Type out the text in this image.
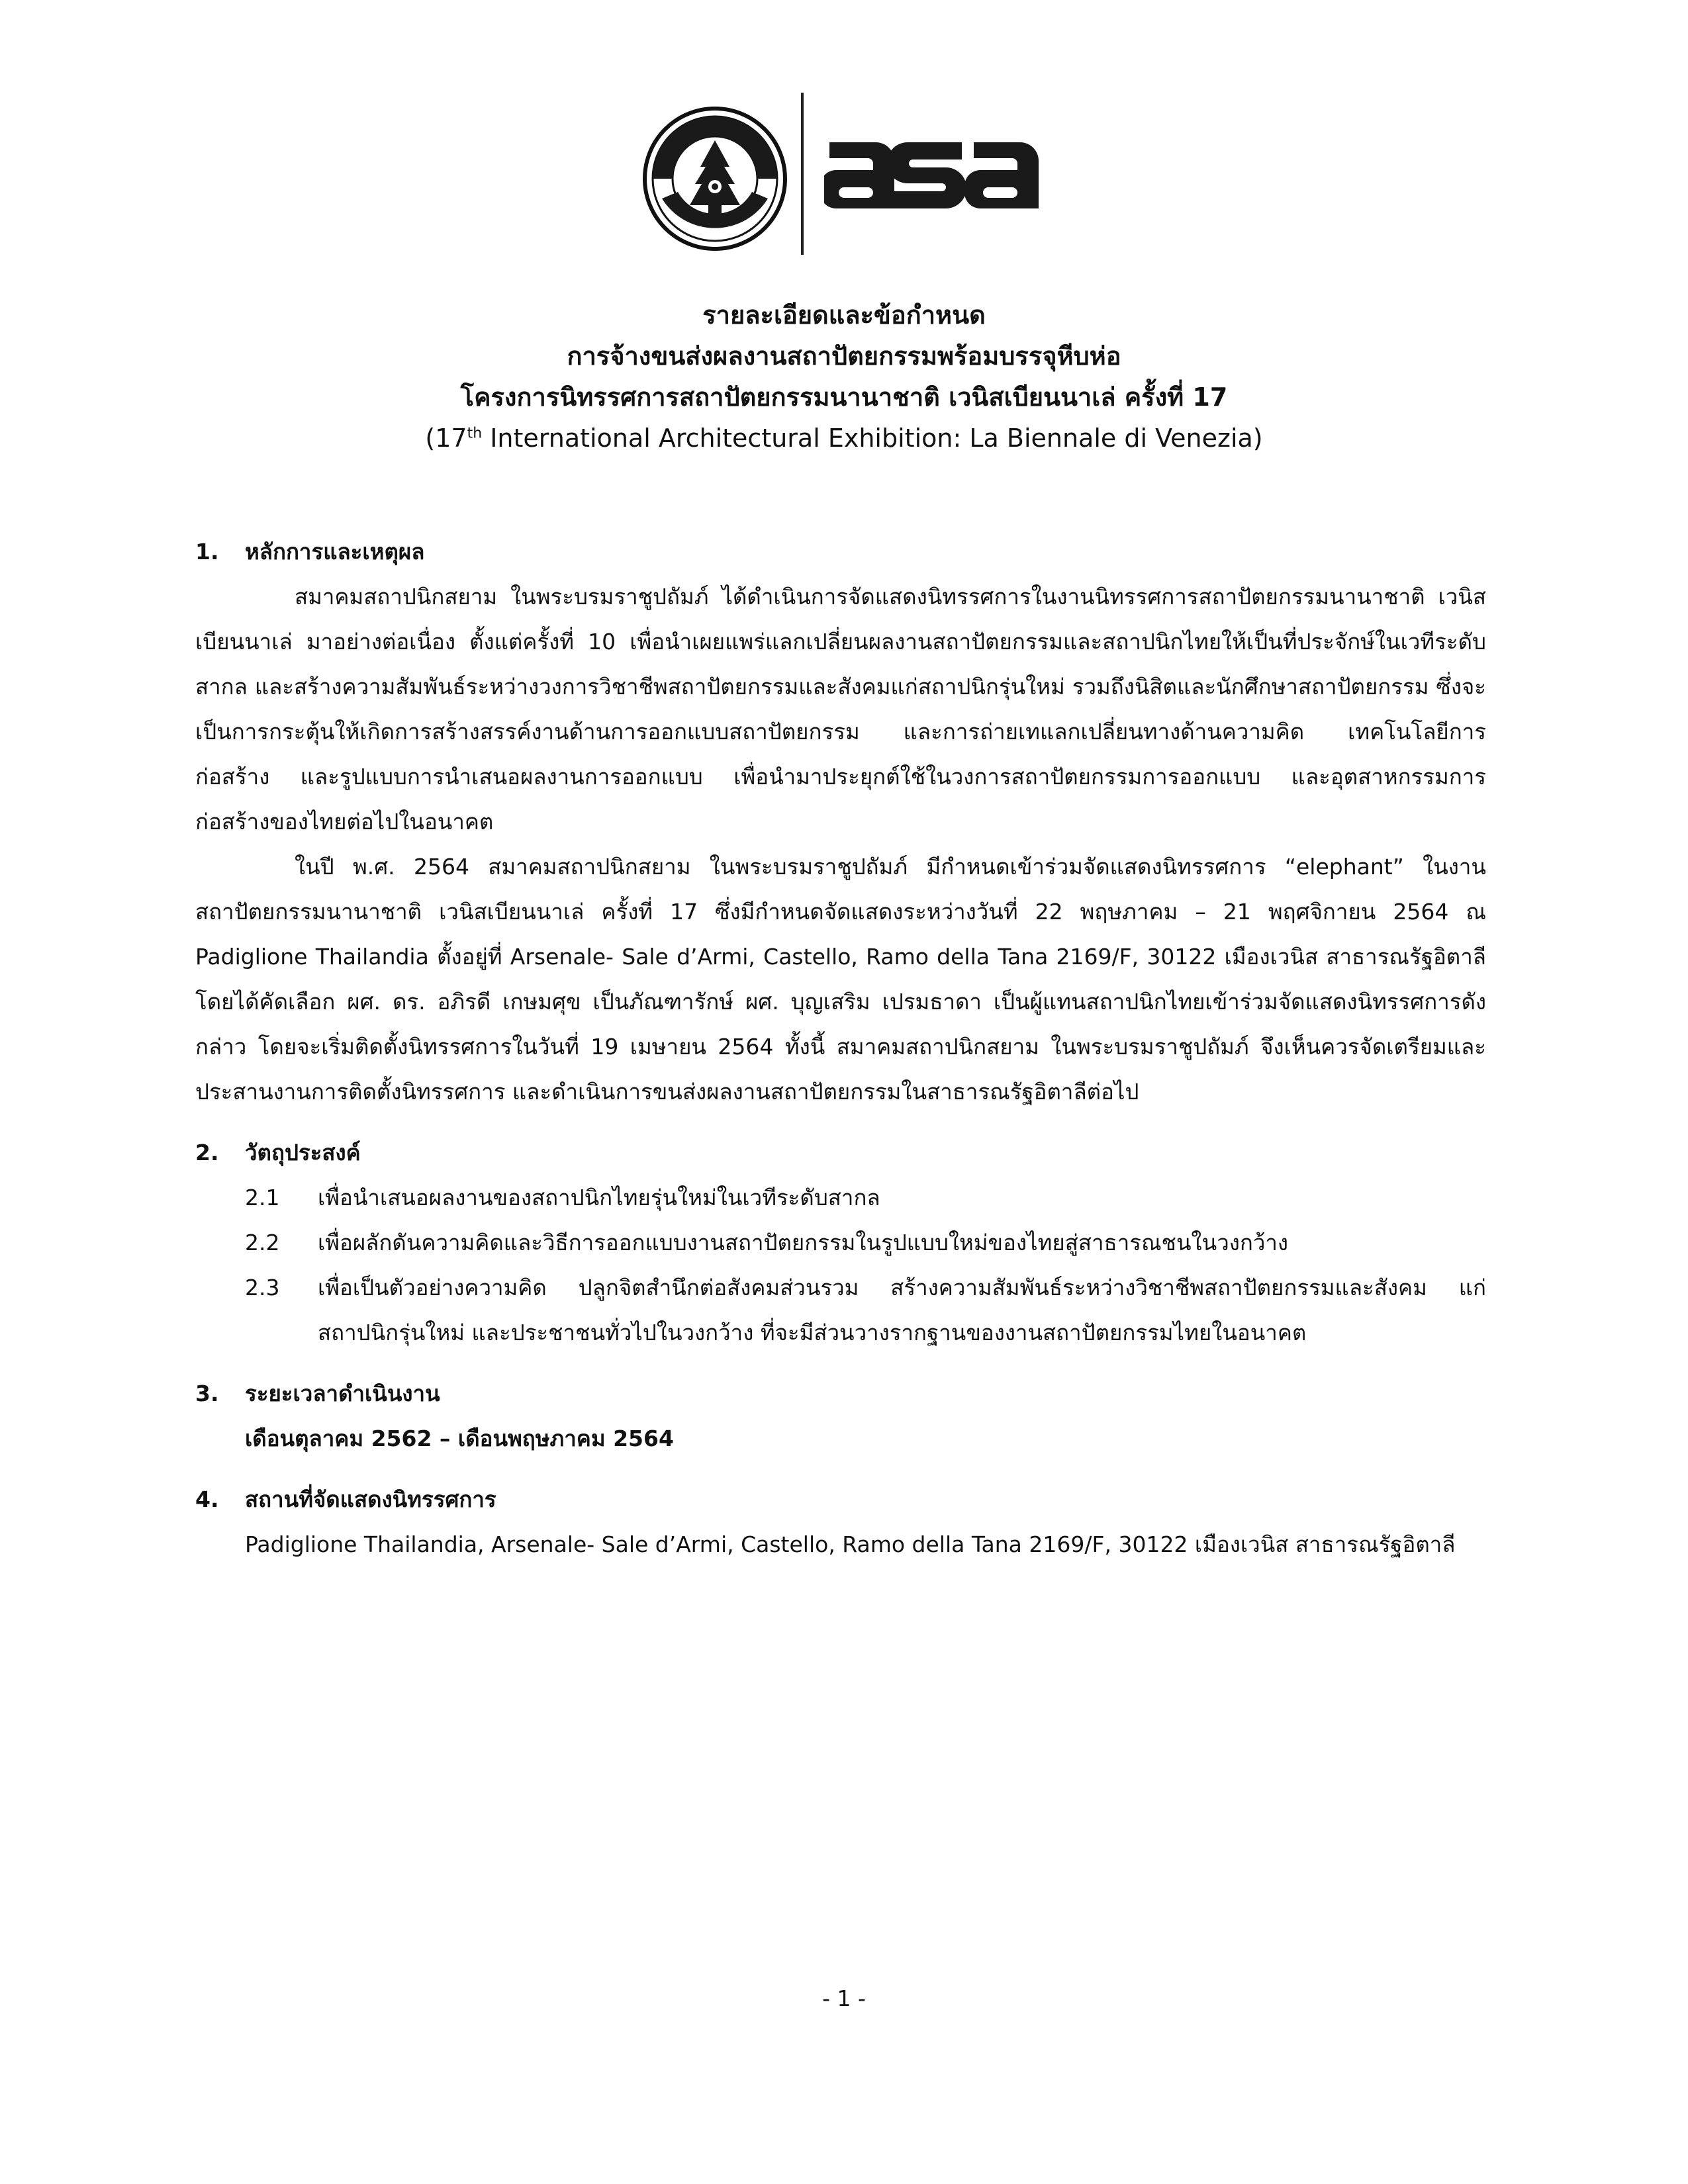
รายละเอียดและข้อกำหนด
การจ้างขนส่งผลงานสถาปัตยกรรมพร้อมบรรจุหีบห่อ
โครงการนิทรรศการสถาปัตยกรรมนานาชาติ เวนิสเบียนนาเล่ ครั้งที่ 17
(17th International Architectural Exhibition: La Biennale di Venezia)
1.	หลักการและเหตุผล

สมาคมสถาปนิกสยาม ในพระบรมราชูปถัมภ์ ได้ดำเนินการจัดแสดงนิทรรศการในงานนิทรรศการสถาปัตยกรรมนานาชาติ เวนิสเบียนนาเล่ มาอย่างต่อเนื่อง ตั้งแต่ครั้งที่ 10 เพื่อนำเผยแพร่แลกเปลี่ยนผลงานสถาปัตยกรรมและสถาปนิกไทยให้เป็นที่ประจักษ์ในเวทีระดับสากล และสร้างความสัมพันธ์ระหว่างวงการวิชาชีพสถาปัตยกรรมและสังคมแก่สถาปนิกรุ่นใหม่ รวมถึงนิสิตและนักศึกษาสถาปัตยกรรม ซึ่งจะเป็นการกระตุ้นให้เกิดการสร้างสรรค์งานด้านการออกแบบสถาปัตยกรรม และการถ่ายเทแลกเปลี่ยนทางด้านความคิด เทคโนโลยีการก่อสร้าง และรูปแบบการนำเสนอผลงานการออกแบบ เพื่อนำมาประยุกต์ใช้ในวงการสถาปัตยกรรมการออกแบบ และอุตสาหกรรมการก่อสร้างของไทยต่อไปในอนาคต

ในปี พ.ศ. 2564 สมาคมสถาปนิกสยาม ในพระบรมราชูปถัมภ์ มีกำหนดเข้าร่วมจัดแสดงนิทรรศการ “elephant” ในงานสถาปัตยกรรมนานาชาติ เวนิสเบียนนาเล่ ครั้งที่ 17 ซึ่งมีกำหนดจัดแสดงระหว่างวันที่ 22 พฤษภาคม – 21 พฤศจิกายน 2564 ณ Padiglione Thailandia ตั้งอยู่ที่ Arsenale- Sale d’Armi, Castello, Ramo della Tana 2169/F, 30122 เมืองเวนิส สาธารณรัฐอิตาลี โดยได้คัดเลือก ผศ. ดร. อภิรดี เกษมศุข เป็นภัณฑารักษ์ ผศ. บุญเสริม เปรมธาดา เป็นผู้แทนสถาปนิกไทยเข้าร่วมจัดแสดงนิทรรศการดังกล่าว โดยจะเริ่มติดตั้งนิทรรศการในวันที่ 19 เมษายน 2564 ทั้งนี้ สมาคมสถาปนิกสยาม ในพระบรมราชูปถัมภ์ จึงเห็นควรจัดเตรียมและประสานงานการติดตั้งนิทรรศการ และดำเนินการขนส่งผลงานสถาปัตยกรรมในสาธารณรัฐอิตาลีต่อไป

2.	วัตถุประสงค์
2.1	เพื่อนำเสนอผลงานของสถาปนิกไทยรุ่นใหม่ในเวทีระดับสากล
2.2	เพื่อผลักดันความคิดและวิธีการออกแบบงานสถาปัตยกรรมในรูปแบบใหม่ของไทยสู่สาธารณชนในวงกว้าง
2.3	เพื่อเป็นตัวอย่างความคิด ปลูกจิตสำนึกต่อสังคมส่วนรวม สร้างความสัมพันธ์ระหว่างวิชาชีพสถาปัตยกรรมและสังคม แก่สถาปนิกรุ่นใหม่ และประชาชนทั่วไปในวงกว้าง ที่จะมีส่วนวางรากฐานของงานสถาปัตยกรรมไทยในอนาคต
3.	ระยะเวลาดำเนินงาน
เดือนตุลาคม 2562 – เดือนพฤษภาคม 2564
4.	สถานที่จัดแสดงนิทรรศการ
Padiglione Thailandia, Arsenale- Sale d’Armi, Castello, Ramo della Tana 2169/F, 30122 เมืองเวนิส สาธารณรัฐอิตาลี
- 1 -
